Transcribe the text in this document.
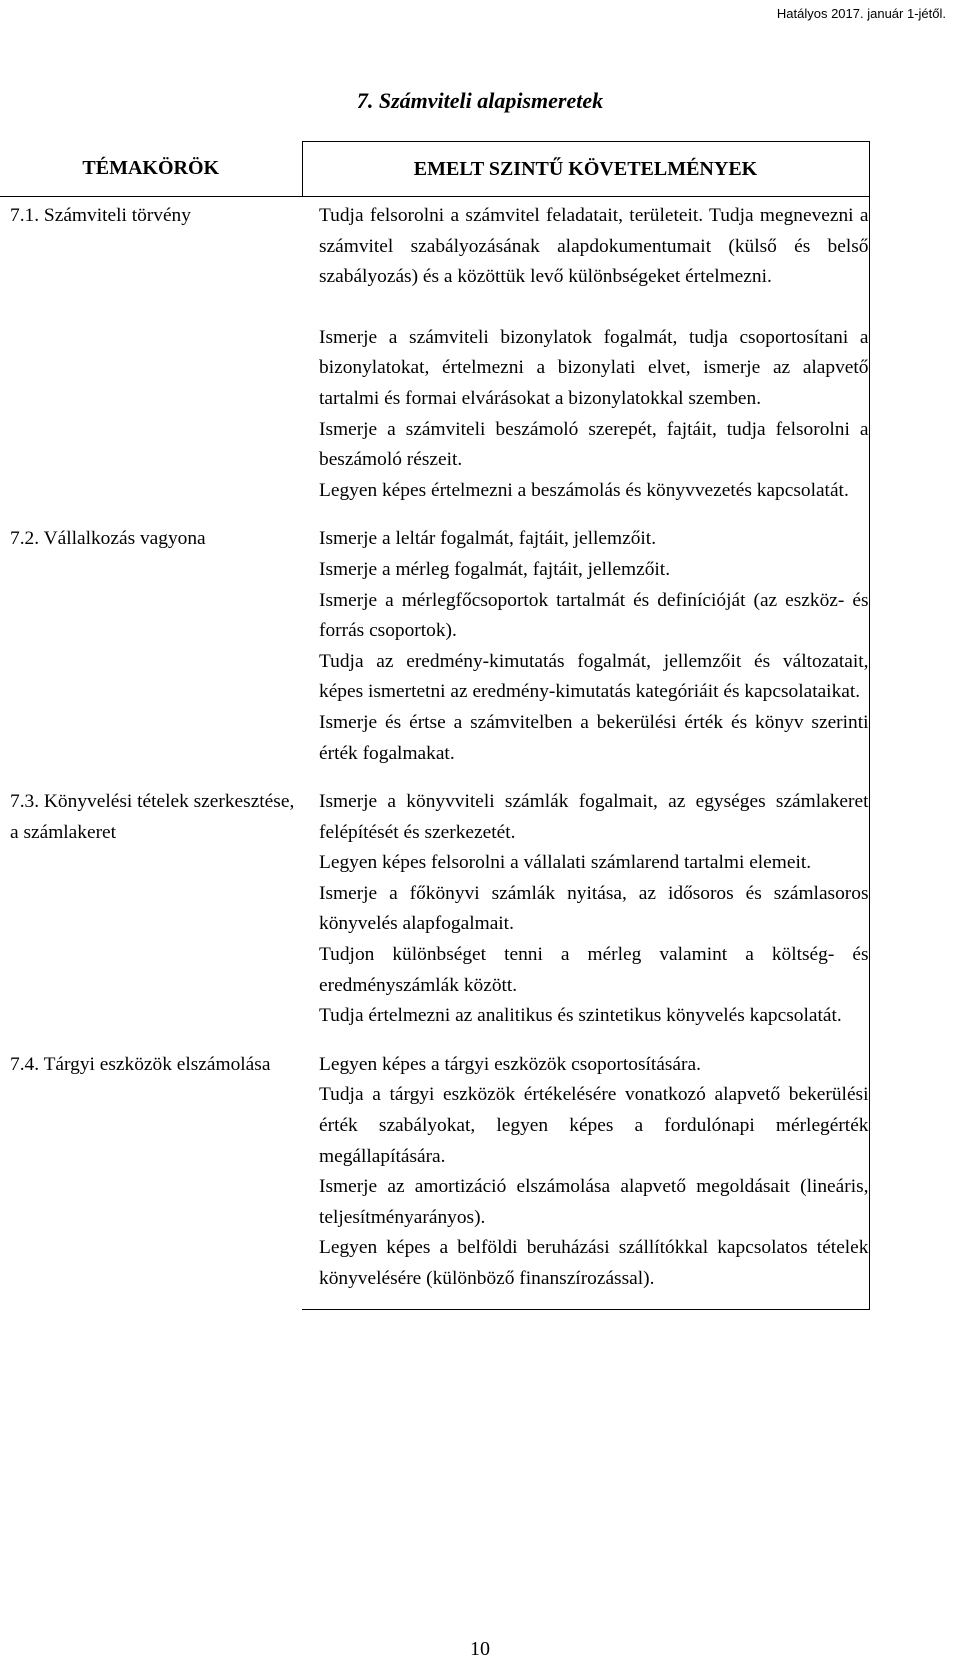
Hatályos 2017. január 1-jétől.
7. Számviteli alapismeretek
TÉMAKÖRÖK	EMELT SZINTŰ KÖVETELMÉNYEK
7.1. Számviteli törvény	Tudja felsorolni a számvitel feladatait, területeit. Tudja megnevezni a számvitel szabályozásának alapdokumentumait (külső és belső szabályozás) és a közöttük levő különbségeket értelmezni.

Ismerje a számviteli bizonylatok fogalmát, tudja csoportosítani a bizonylatokat, értelmezni a bizonylati elvet, ismerje az alapvető tartalmi és formai elvárásokat a bizonylatokkal szemben.

Ismerje a számviteli beszámoló szerepét, fajtáit, tudja felsorolni a beszámoló részeit.

Legyen képes értelmezni a beszámolás és könyvvezetés kapcsolatát.

7.2. Vállalkozás vagyona	Ismerje a leltár fogalmát, fajtáit, jellemzőit.

Ismerje a mérleg fogalmát, fajtáit, jellemzőit.

Ismerje a mérlegfőcsoportok tartalmát és definícióját (az eszköz- és forrás csoportok).

Tudja az eredmény-kimutatás fogalmát, jellemzőit és változatait, képes ismertetni az eredmény-kimutatás kategóriáit és kapcsolataikat.

Ismerje és értse a számvitelben a bekerülési érték és könyv szerinti érték fogalmakat.

7.3. Könyvelési tételek szerkesztése, a számlakeret	Ismerje a könyvviteli számlák fogalmait, az egységes számlakeret felépítését és szerkezetét.

Legyen képes felsorolni a vállalati számlarend tartalmi elemeit.

Ismerje a főkönyvi számlák nyitása, az idősoros és számlasoros könyvelés alapfogalmait.

Tudjon különbséget tenni a mérleg valamint a költség- és eredményszámlák között.

Tudja értelmezni az analitikus és szintetikus könyvelés kapcsolatát.

7.4. Tárgyi eszközök elszámolása	Legyen képes a tárgyi eszközök csoportosítására.

Tudja a tárgyi eszközök értékelésére vonatkozó alapvető bekerülési érték szabályokat, legyen képes a fordulónapi mérlegérték megállapítására.

Ismerje az amortizáció elszámolása alapvető megoldásait (lineáris, teljesítményarányos).

Legyen képes a belföldi beruházási szállítókkal kapcsolatos tételek könyvelésére (különböző finanszírozással).

10
